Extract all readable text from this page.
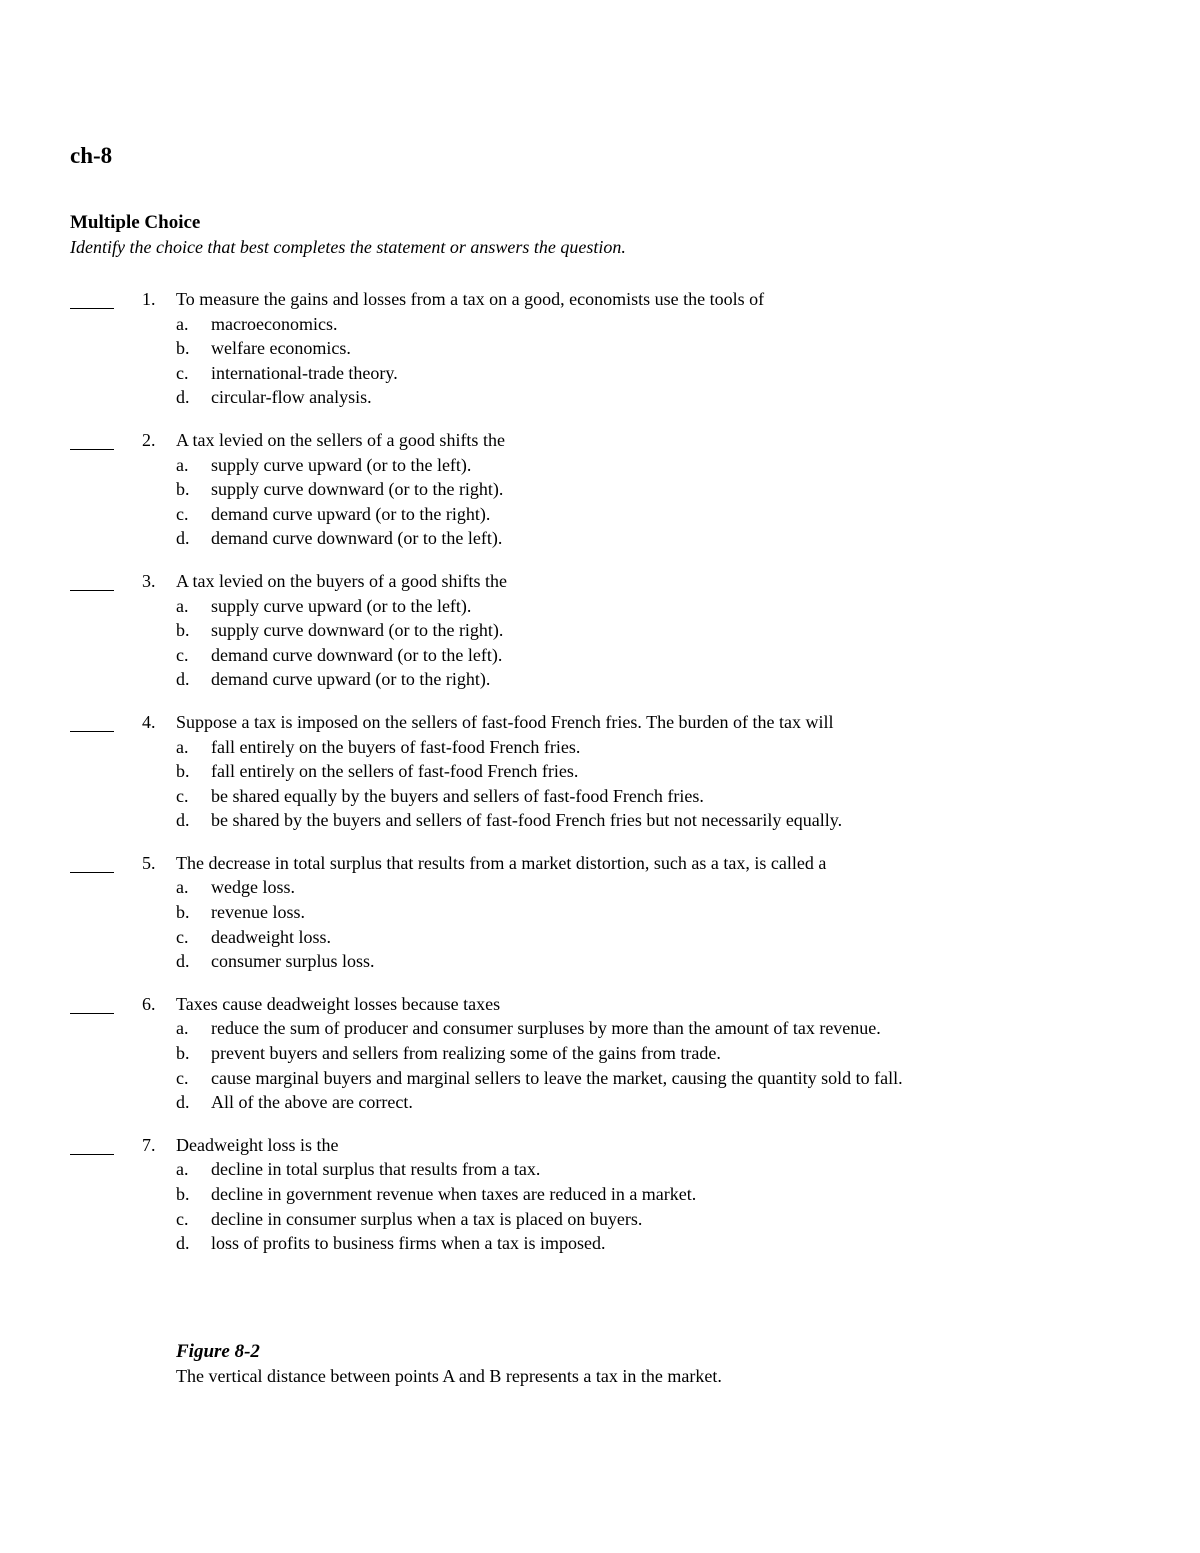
ch-8
Multiple Choice

Identify the choice that best completes the statement or answers the question.

1. To measure the gains and losses from a tax on a good, economists use the tools of
a. macroeconomics.
b. welfare economics.
c. international-trade theory.
d. circular-flow analysis.
2. A tax levied on the sellers of a good shifts the
a. supply curve upward (or to the left).
b. supply curve downward (or to the right).
c. demand curve upward (or to the right).
d. demand curve downward (or to the left).
3. A tax levied on the buyers of a good shifts the
a. supply curve upward (or to the left).
b. supply curve downward (or to the right).
c. demand curve downward (or to the left).
d. demand curve upward (or to the right).
4. Suppose a tax is imposed on the sellers of fast-food French fries. The burden of the tax will
a. fall entirely on the buyers of fast-food French fries.
b. fall entirely on the sellers of fast-food French fries.
c. be shared equally by the buyers and sellers of fast-food French fries.
d. be shared by the buyers and sellers of fast-food French fries but not necessarily equally.
5. The decrease in total surplus that results from a market distortion, such as a tax, is called a
a. wedge loss.
b. revenue loss.
c. deadweight loss.
d. consumer surplus loss.
6. Taxes cause deadweight losses because taxes
a. reduce the sum of producer and consumer surpluses by more than the amount of tax revenue.
b. prevent buyers and sellers from realizing some of the gains from trade.
c. cause marginal buyers and marginal sellers to leave the market, causing the quantity sold to fall.
d. All of the above are correct.
7. Deadweight loss is the
a. decline in total surplus that results from a tax.
b. decline in government revenue when taxes are reduced in a market.
c. decline in consumer surplus when a tax is placed on buyers.
d. loss of profits to business firms when a tax is imposed.

Figure 8-2

The vertical distance between points A and B represents a tax in the market.
